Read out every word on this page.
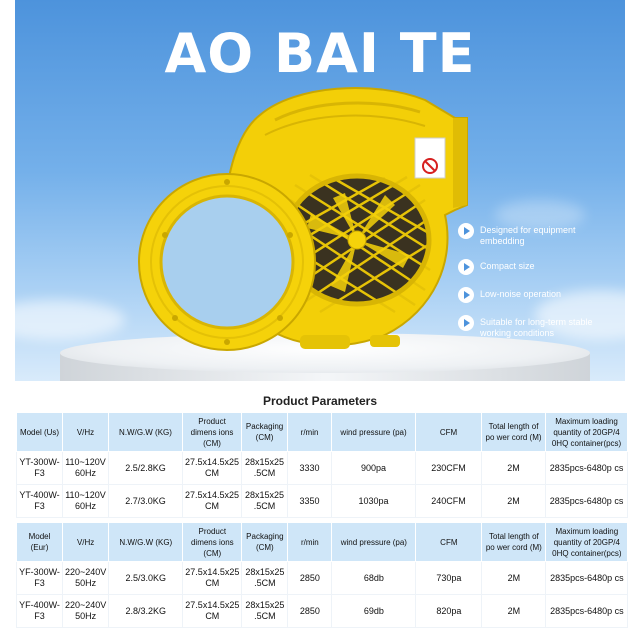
AO BAI TE
Designed for equipment embedding
Compact size
Low-noise operation
Suitable for long-term stable working conditions
Product Parameters
Model (Us)	V/Hz	N.W/G.W (KG)	Product dimens ions (CM)	Packaging (CM)	r/min	wind pressure (pa)	CFM	Total length of po wer cord (M)	Maximum loading quantity of 20GP/4 0HQ container(pcs)
YT-300W-F3	110~120V 60Hz	2.5/2.8KG	27.5x14.5x25 CM	28x15x25 .5CM	3330	900pa	230CFM	2M	2835pcs-6480p cs
YT-400W-F3	110~120V 60Hz	2.7/3.0KG	27.5x14.5x25 CM	28x15x25 .5CM	3350	1030pa	240CFM	2M	2835pcs-6480p cs
Model (Eur)	V/Hz	N.W/G.W (KG)	Product dimens ions (CM)	Packaging (CM)	r/min	wind pressure (pa)	CFM	Total length of po wer cord (M)	Maximum loading quantity of 20GP/4 0HQ container(pcs)
YF-300W-F3	220~240V 50Hz	2.5/3.0KG	27.5x14.5x25 CM	28x15x25 .5CM	2850	68db	730pa	2M	2835pcs-6480p cs
YF-400W-F3	220~240V 50Hz	2.8/3.2KG	27.5x14.5x25 CM	28x15x25 .5CM	2850	69db	820pa	2M	2835pcs-6480p cs
